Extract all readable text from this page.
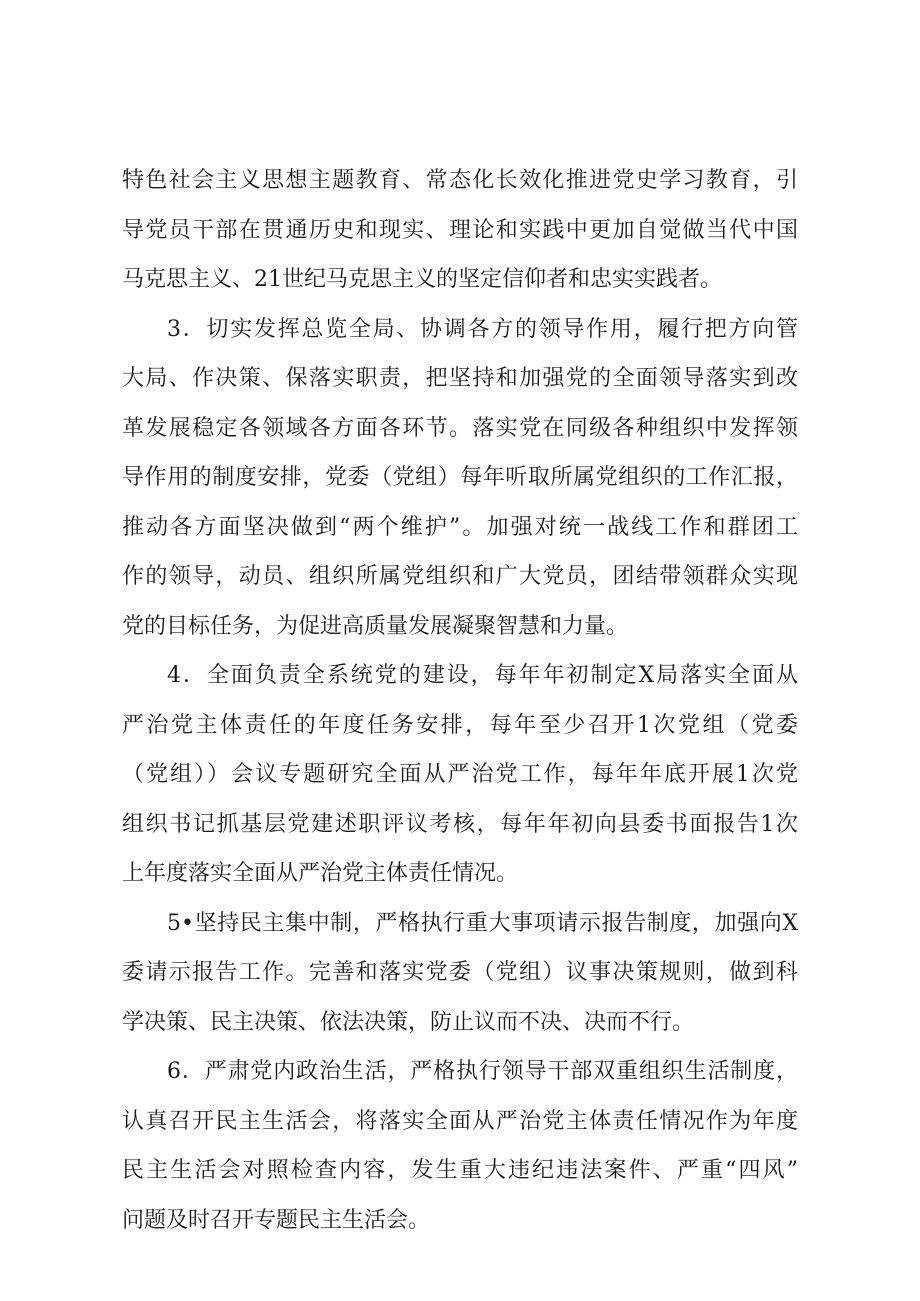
特色社会主义思想主题教育、常态化长效化推进党史学习教育，引
导党员干部在贯通历史和现实、理论和实践中更加自觉做当代中国
马克思主义、21世纪马克思主义的坚定信仰者和忠实实践者。
3．切实发挥总览全局、协调各方的领导作用，履行把方向管
大局、作决策、保落实职责，把坚持和加强党的全面领导落实到改
革发展稳定各领域各方面各环节。落实党在同级各种组织中发挥领
导作用的制度安排，党委（党组）每年听取所属党组织的工作汇报，
推动各方面坚决做到“两个维护”。加强对统一战线工作和群团工
作的领导，动员、组织所属党组织和广大党员，团结带领群众实现
党的目标任务，为促进高质量发展凝聚智慧和力量。
4．全面负责全系统党的建设，每年年初制定X局落实全面从
严治党主体责任的年度任务安排，每年至少召开1次党组（党委
（党组））会议专题研究全面从严治党工作，每年年底开展1次党
组织书记抓基层党建述职评议考核，每年年初向县委书面报告1次
上年度落实全面从严治党主体责任情况。
5•坚持民主集中制，严格执行重大事项请示报告制度，加强向X
委请示报告工作。完善和落实党委（党组）议事决策规则，做到科
学决策、民主决策、依法决策，防止议而不决、决而不行。
6．严肃党内政治生活，严格执行领导干部双重组织生活制度，
认真召开民主生活会，将落实全面从严治党主体责任情况作为年度
民主生活会对照检查内容，发生重大违纪违法案件、严重“四风”
问题及时召开专题民主生活会。
